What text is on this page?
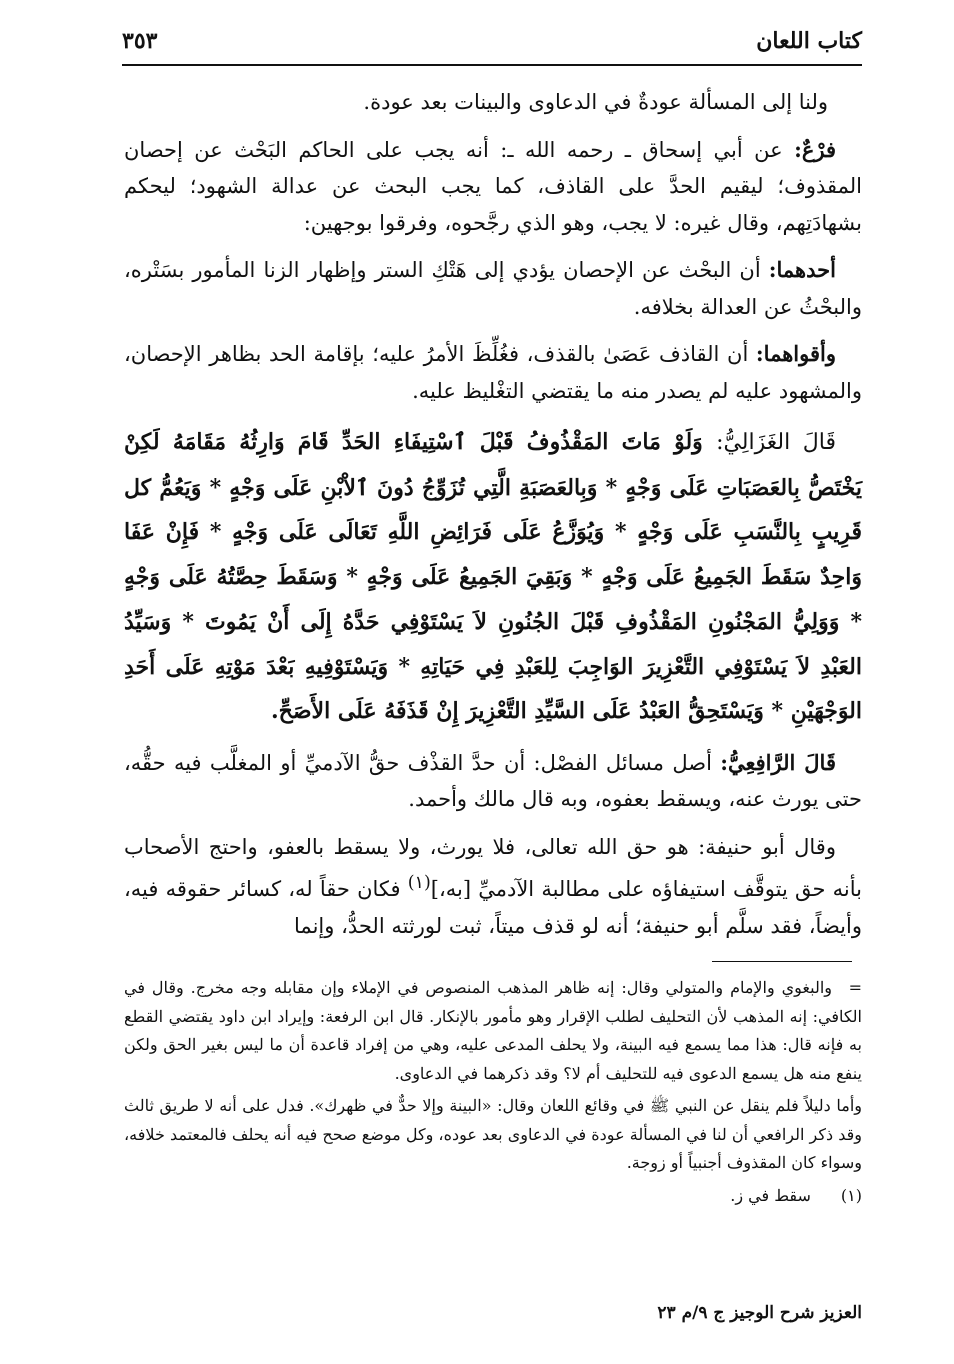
كتاب اللعان
٣٥٣

ولنا إلى المسألة عودةٌ في الدعاوى والبينات بعد عودة.

فرْعٌ: عن أبي إسحاق ـ رحمه الله ـ: أنه يجب على الحاكم البَحْث عن إحصان المقذوف؛ ليقيم الحدَّ على القاذف، كما يجب البحث عن عدالة الشهود؛ ليحكم بشهادَتِهم، وقال غيره: لا يجب، وهو الذي رجَّحوه، وفرقوا بوجهين:

أحدهما: أن البحْث عن الإحصان يؤدي إلى هَتْكِ الستر وإظهار الزنا المأمور بسَتْره، والبحْثُ عن العدالة بخلافه.

وأقواهما: أن القاذف عَصَىٰ بالقذف، فغُلِّظَ الأمرُ عليه؛ بإقامة الحد بظاهر الإحصان، والمشهود عليه لم يصدر منه ما يقتضي التغْليظ عليه.

قَالَ الغَزَالِيُّ: وَلَوْ مَاتَ المَقْذُوفُ قَبْلَ ٱسْتِيفَاءِ الحَدِّ قَامَ وَارِثُهُ مَقَامَهُ لَكِنْ يَخْتَصُّ بِالعَصَبَاتِ عَلَى وَجْهٍ * وَبِالعَصَبَةِ الَّتِي تُزَوِّجُ دُونَ ٱلاْبْنِ عَلَى وَجْهٍ * وَيَعُمُّ كل قَرِيبٍ بِالنَّسَبِ عَلَى وَجْهٍ * وَيُوَزَّعُ عَلَى فَرَائِضِ اللَّهِ تَعَالَى عَلَى وَجْهٍ * فَإِنْ عَفَا وَاحِدٌ سَقَطَ الجَمِيعُ عَلَى وَجْهٍ * وَبَقِيَ الجَمِيعُ عَلَى وَجْهٍ * وَسَقَطَ حِصَّتُهُ عَلَى وَجْهٍ * وَوَلِيُّ المَجْنُونِ المَقْذُوفِ قَبْلَ الجُنُونِ لاَ يَسْتَوْفِي حَدَّهُ إِلَى أَنْ يَمُوتَ * وَسَيِّدُ العَبْدِ لاَ يَسْتَوْفِي التَّعْزِيرَ الوَاجِبَ لِلعَبْدِ فِي حَيَاتِهِ * وَيَسْتَوْفِيهِ بَعْدَ مَوْتِهِ عَلَى أَحَدِ الوَجْهَيْنِ * وَيَسْتَحِقُّ العَبْدُ عَلَى السَّيِّدِ التَّعْزِيرَ إِنْ قَذَفَهُ عَلَى الأَصَحِّ.

قَالَ الرَّافِعِيُّ: أصل مسائل الفصْل: أن حدَّ القذْف حقُّ الآدميِّ أو المغلَّب فيه حقُّه، حتى يورث عنه، ويسقط بعفوه، وبه قال مالك وأحمد.

وقال أبو حنيفة: هو حق الله تعالى، فلا يورث، ولا يسقط بالعفو، واحتج الأصحاب بأنه حق يتوقَّف استيفاؤه على مطالبة الآدميِّ [به،]$^{(١)}$ فكان حقاً له، كسائر حقوقه فيه، وأيضاً، فقد سلَّم أبو حنيفة؛ أنه لو قذف ميتاً، ثبت لورثته الحدُّ، وإنما

=
والبغوي والإمام والمتولي وقال: إنه ظاهر المذهب المنصوص في الإملاء وإن مقابله وجه مخرج. وقال في الكافي: إنه المذهب لأن التحليف لطلب الإقرار وهو مأمور بالإنكار. قال ابن الرفعة: وإيراد ابن داود يقتضي القطع به فإنه قال: هذا مما يسمع فيه البينة، ولا يحلف المدعى عليه، وهي من إفراد قاعدة أن ما ليس بغير الحق ولكن ينفع منه هل يسمع الدعوى فيه للتحليف أم لا؟ وقد ذكرهما في الدعاوى.

وأما دليلاً فلم ينقل عن النبي ﷺ في وقائع اللعان وقال: «البينة وإلا حدٌّ في ظهرك». فدل على أنه لا طريق ثالث وقد ذكر الرافعي أن لنا في المسألة عودة في الدعاوى بعد عوده، وكل موضع صحح فيه أنه يحلف فالمعتمد خلافه، وسواء كان المقذوف أجنبياً أو زوجة.

(١) سقط في ز.

العزيز شرح الوجيز ج ٩/م ٢٣
